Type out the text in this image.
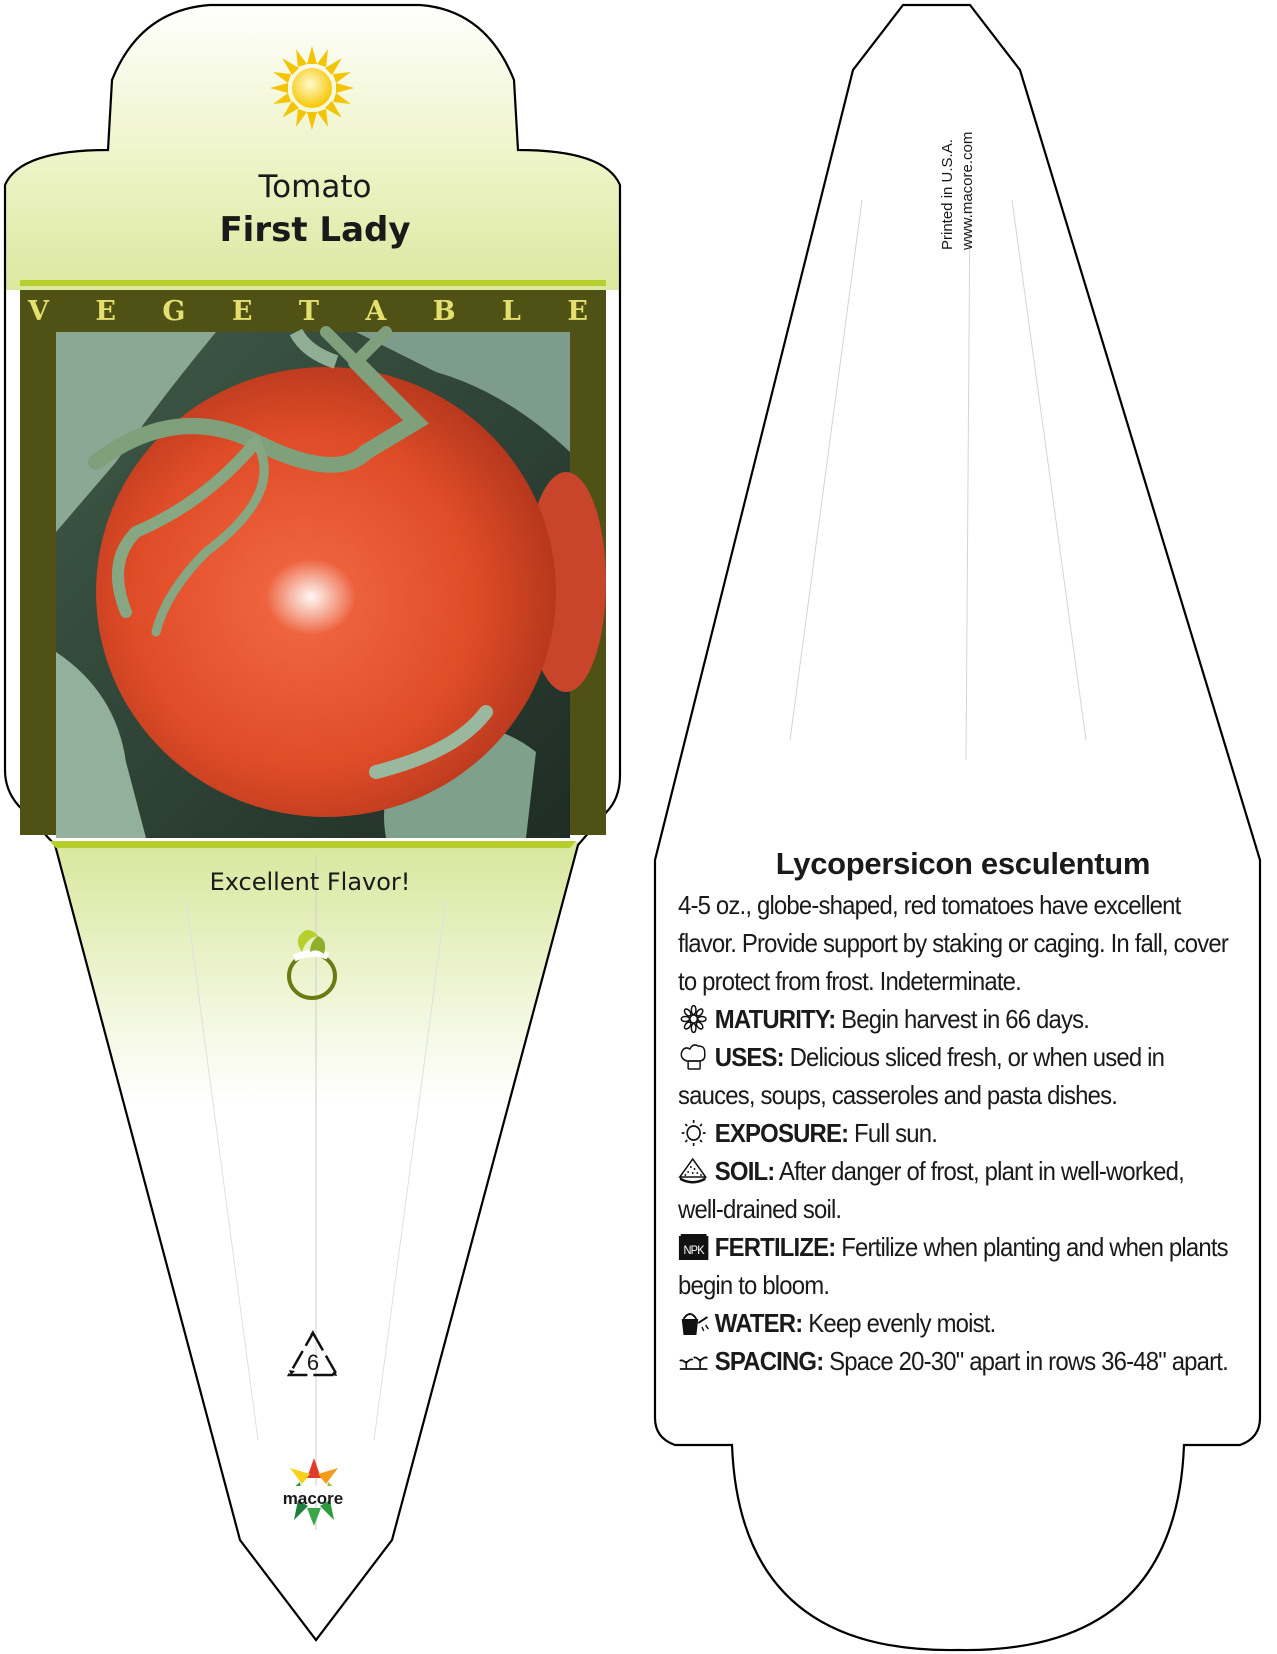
Tomato
First Lady
V E G E T A B L E
Excellent Flavor!
6
macore
Printed in U.S.A. www.macore.com
Lycopersicon esculentum
4-5 oz., globe-shaped, red tomatoes have excellent flavor. Provide support by staking or caging. In fall, cover to protect from frost. Indeterminate.
MATURITY: Begin harvest in 66 days.
USES: Delicious sliced fresh, or when used in sauces, soups, casseroles and pasta dishes.
EXPOSURE: Full sun.
SOIL: After danger of frost, plant in well-worked, well-drained soil.
NPK FERTILIZE: Fertilize when planting and when plants begin to bloom.
WATER: Keep evenly moist.
SPACING: Space 20-30" apart in rows 36-48" apart.
